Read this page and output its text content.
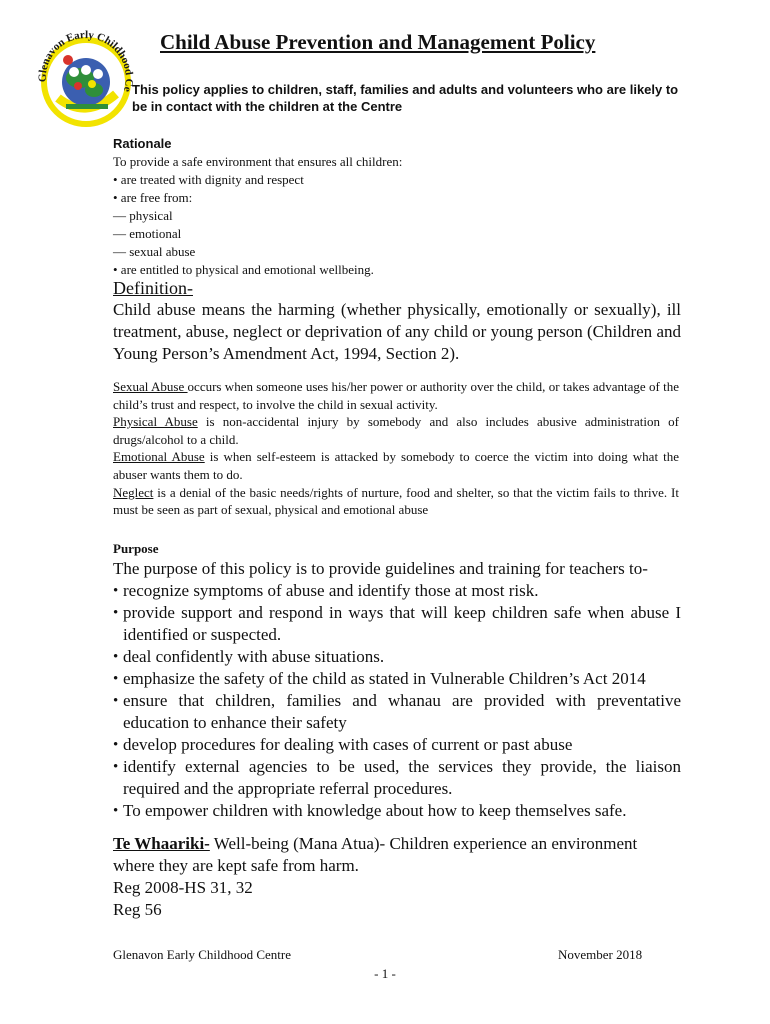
Glenavon Early Childhood Ce
Child Abuse Prevention and Management Policy
This policy applies to children, staff, families and adults and volunteers who are likely to be in contact with the children at the Centre
Rationale
To provide a safe environment that ensures all children:
• are treated with dignity and respect
• are free from:
— physical
— emotional
— sexual abuse
• are entitled to physical and emotional wellbeing.
Definition-
Child abuse means the harming (whether physically, emotionally or sexually), ill treatment, abuse, neglect or deprivation of any child or young person (Children and Young Person’s Amendment Act, 1994, Section 2).

Sexual Abuse occurs when someone uses his/her power or authority over the child, or takes advantage of the child’s trust and respect, to involve the child in sexual activity.

Physical Abuse is non-accidental injury by somebody and also includes abusive administration of drugs/alcohol to a child.

Emotional Abuse is when self-esteem is attacked by somebody to coerce the victim into doing what the abuser wants them to do.

Neglect is a denial of the basic needs/rights of nurture, food and shelter, so that the victim fails to thrive. It must be seen as part of sexual, physical and emotional abuse

Purpose
The purpose of this policy is to provide guidelines and training for teachers to-
• recognize symptoms of abuse and identify those at most risk.
• provide support and respond in ways that will keep children safe when abuse I identified or suspected.
• deal confidently with abuse situations.
• emphasize the safety of the child as stated in Vulnerable Children’s Act 2014
• ensure that children, families and whanau are provided with preventative education to enhance their safety
• develop procedures for dealing with cases of current or past abuse
• identify external agencies to be used, the services they provide, the liaison required and the appropriate referral procedures.
• To empower children with knowledge about how to keep themselves safe.

Te Whaariki- Well-being (Mana Atua)- Children experience an environment where they are kept safe from harm.

Reg 2008-HS 31, 32

Reg 56

Glenavon Early Childhood Centre	November 2018
- 1 -
